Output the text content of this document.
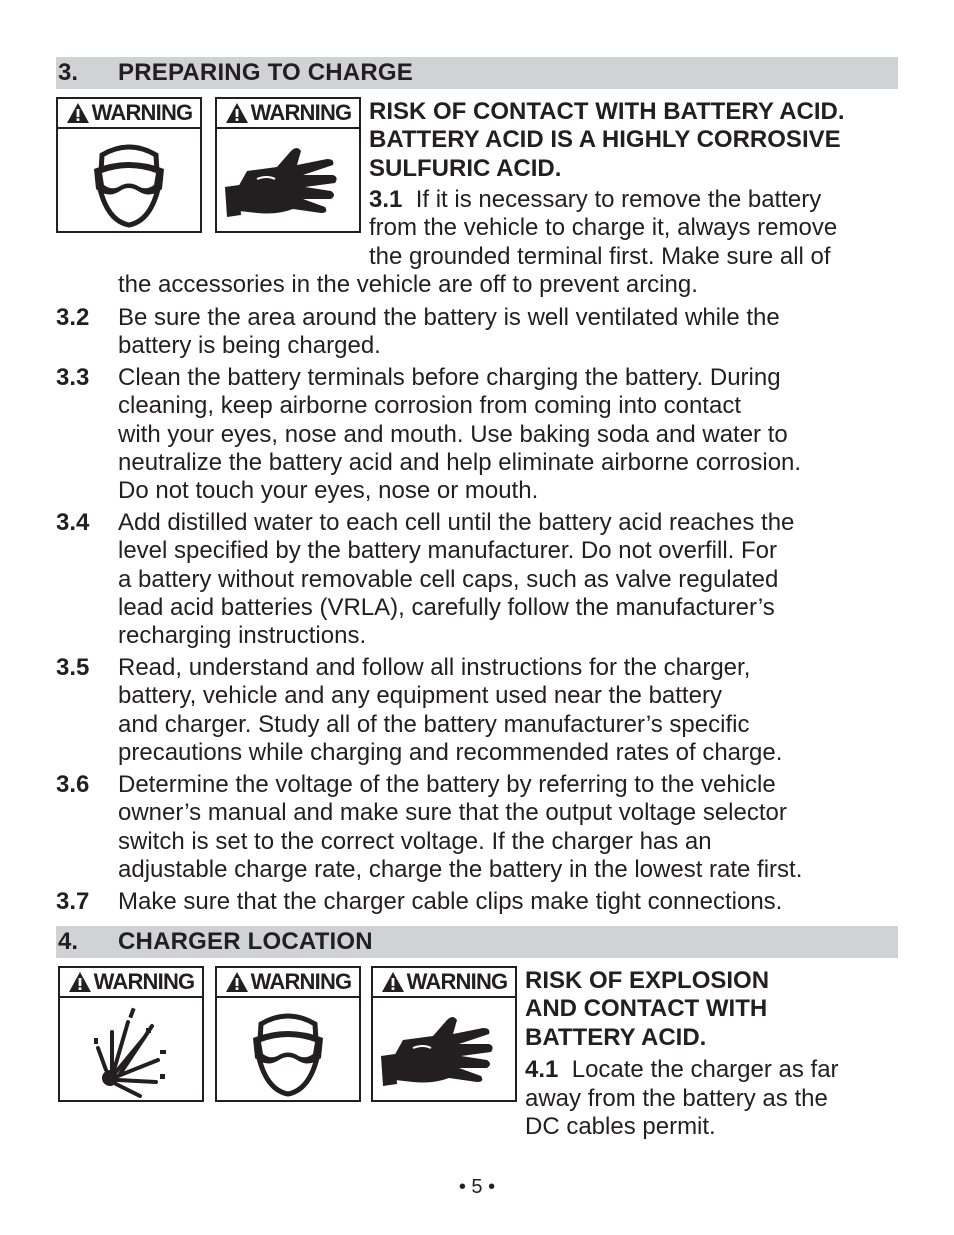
3. PREPARING TO CHARGE
WARNING	WARNING RISK OF CONTACT WITH BATTERY ACID.
BATTERY ACID IS A HIGHLY CORROSIVE
SULFURIC ACID.
3.1 If it is necessary to remove the battery
from the vehicle to charge it, always remove
the grounded terminal first. Make sure all of
the accessories in the vehicle are off to prevent arcing.
3.2 Be sure the area around the battery is well ventilated while the
battery is being charged.
3.3 Clean the battery terminals before charging the battery. During
cleaning, keep airborne corrosion from coming into contact
with your eyes, nose and mouth. Use baking soda and water to
neutralize the battery acid and help eliminate airborne corrosion.
Do not touch your eyes, nose or mouth.
3.4 Add distilled water to each cell until the battery acid reaches the
level specified by the battery manufacturer. Do not overfill. For
a battery without removable cell caps, such as valve regulated
lead acid batteries (VRLA), carefully follow the manufacturer’s
recharging instructions.
3.5 Read, understand and follow all instructions for the charger,
battery, vehicle and any equipment used near the battery
and charger. Study all of the battery manufacturer’s specific
precautions while charging and recommended rates of charge.
3.6 Determine the voltage of the battery by referring to the vehicle
owner’s manual and make sure that the output voltage selector
switch is set to the correct voltage. If the charger has an
adjustable charge rate, charge the battery in the lowest rate first.
3.7 Make sure that the charger cable clips make tight connections.
4. CHARGER LOCATION
WARNING	WARNING	WARNING RISK OF EXPLOSION
AND CONTACT WITH
BATTERY ACID.
4.1 Locate the charger as far
away from the battery as the
DC cables permit.
• 5 •
